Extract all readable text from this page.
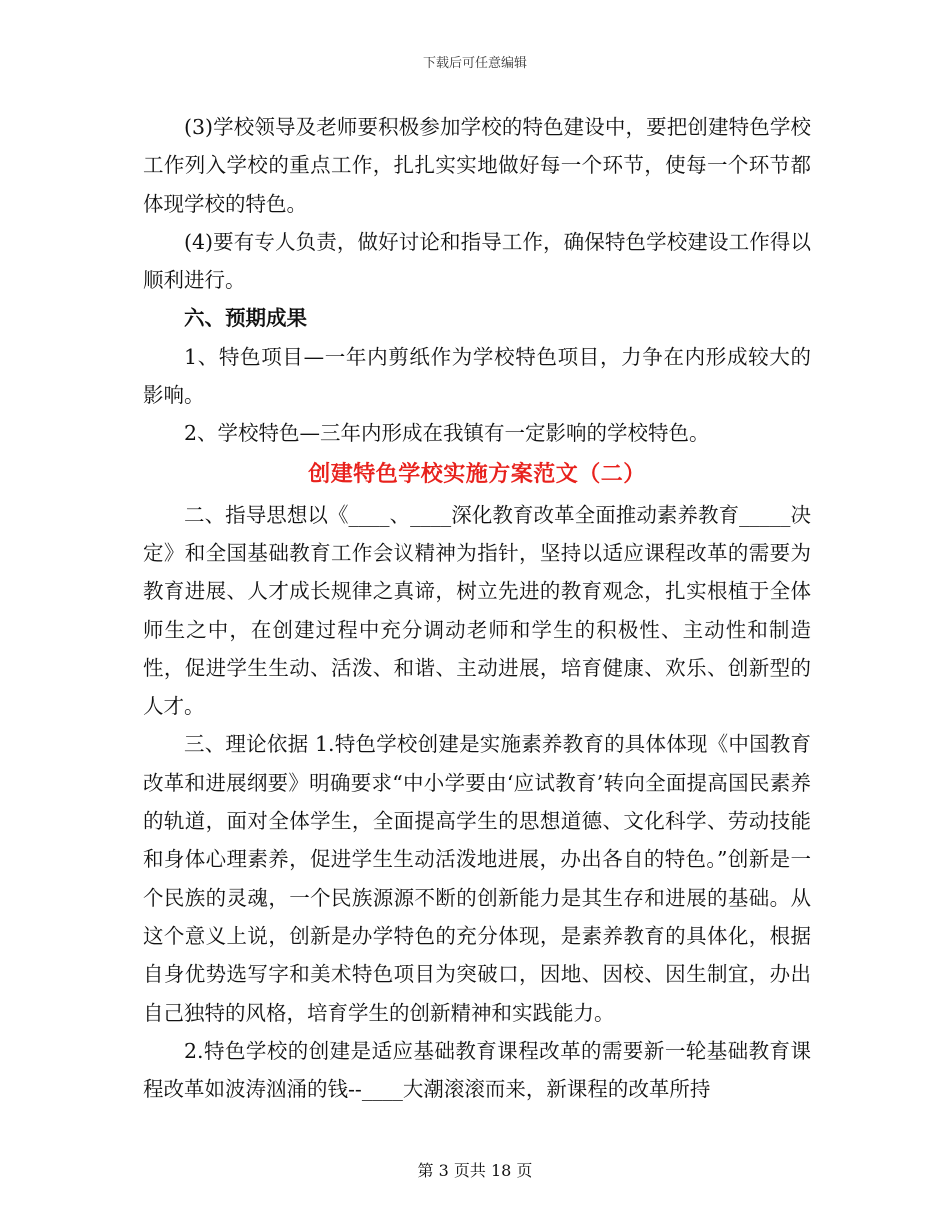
下载后可任意编辑

(3)学校领导及老师要积极参加学校的特色建设中，要把创建特色学校工作列入学校的重点工作，扎扎实实地做好每一个环节，使每一个环节都体现学校的特色。

(4)要有专人负责，做好讨论和指导工作，确保特色学校建设工作得以顺利进行。

六、预期成果

1、特色项目—一年内剪纸作为学校特色项目，力争在内形成较大的影响。

2、学校特色—三年内形成在我镇有一定影响的学校特色。

创建特色学校实施方案范文（二）

二、指导思想以《____、____深化教育改革全面推动素养教育_____决定》和全国基础教育工作会议精神为指针，坚持以适应课程改革的需要为教育进展、人才成长规律之真谛，树立先进的教育观念，扎实根植于全体师生之中，在创建过程中充分调动老师和学生的积极性、主动性和制造性，促进学生生动、活泼、和谐、主动进展，培育健康、欢乐、创新型的人才。

三、理论依据 1.特色学校创建是实施素养教育的具体体现《中国教育改革和进展纲要》明确要求“中小学要由‘应试教育’转向全面提高国民素养的轨道，面对全体学生，全面提高学生的思想道德、文化科学、劳动技能和身体心理素养，促进学生生动活泼地进展，办出各自的特色。”创新是一个民族的灵魂，一个民族源源不断的创新能力是其生存和进展的基础。从这个意义上说，创新是办学特色的充分体现，是素养教育的具体化，根据自身优势选写字和美术特色项目为突破口，因地、因校、因生制宜，办出自己独特的风格，培育学生的创新精神和实践能力。

2.特色学校的创建是适应基础教育课程改革的需要新一轮基础教育课程改革如波涛汹涌的钱--____大潮滚滚而来，新课程的改革所持

第 3 页共 18 页
